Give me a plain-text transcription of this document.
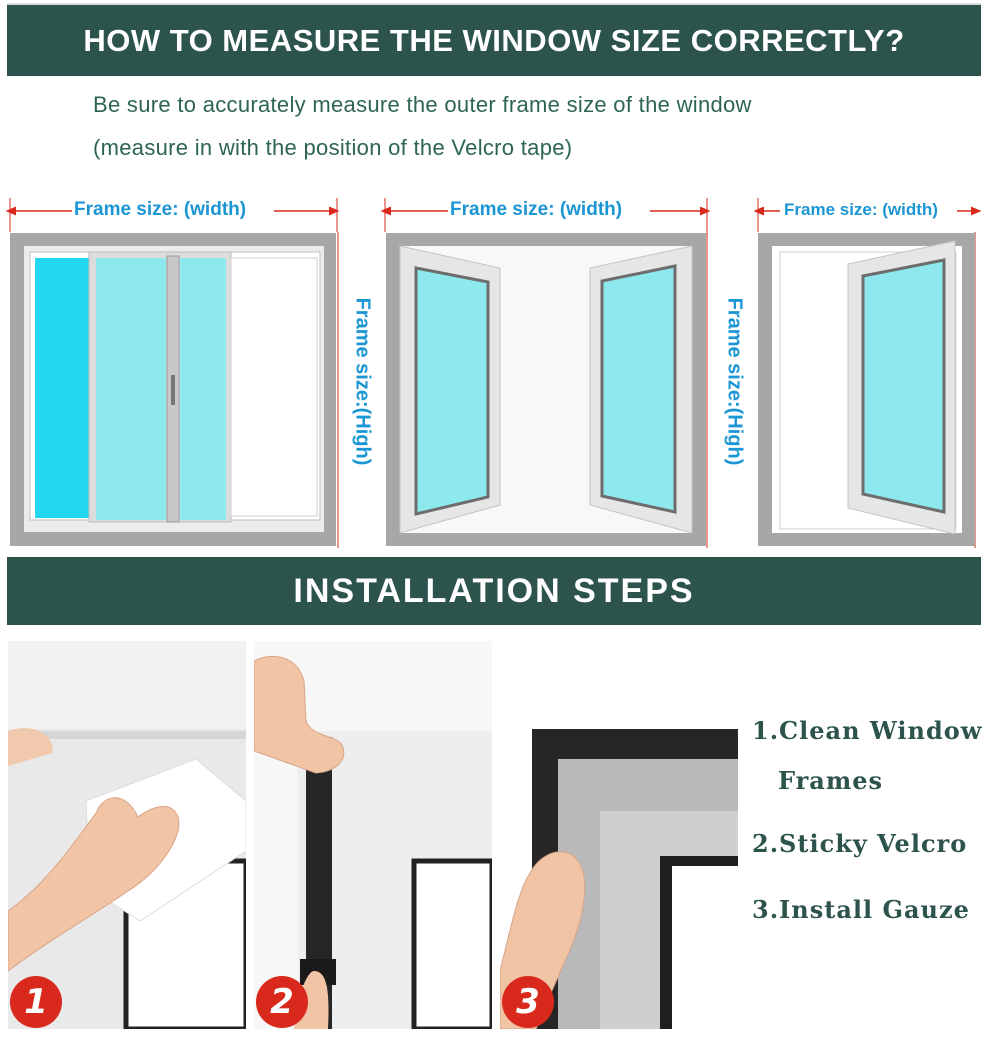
HOW TO MEASURE THE WINDOW SIZE CORRECTLY?
Be sure to accurately measure the outer frame size of the window
(measure in with the position of the Velcro tape)
Frame size: (width)	Frame size: (width)	Frame size: (width)
Frame size:(High)	Frame size:(High)
INSTALLATION STEPS
1	2	3
1.Clean Window
Frames
2.Sticky Velcro
3.Install Gauze
